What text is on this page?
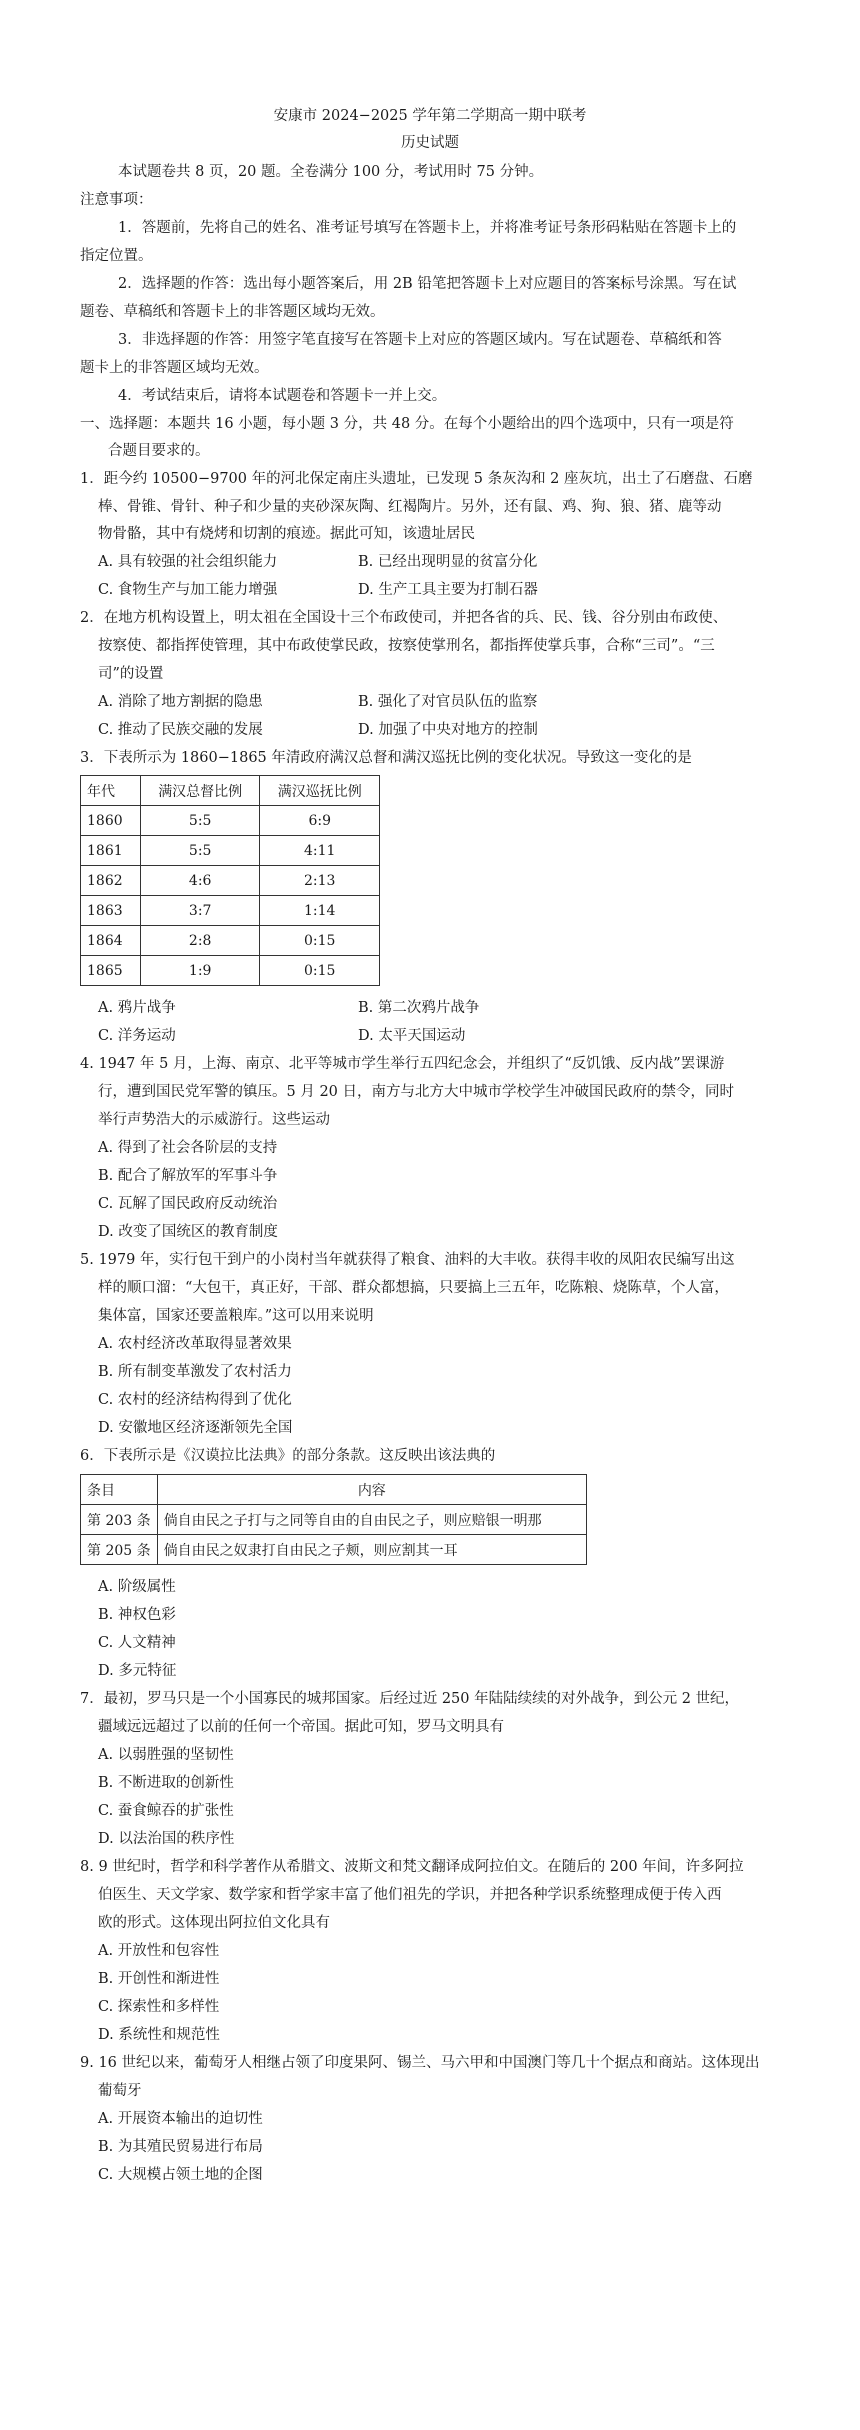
安康市 2024−2025 学年第二学期高一期中联考
历史试题
本试题卷共 8 页，20 题。全卷满分 100 分，考试用时 75 分钟。
注意事项：
1．答题前，先将自己的姓名、准考证号填写在答题卡上，并将准考证号条形码粘贴在答题卡上的
指定位置。
2．选择题的作答：选出每小题答案后，用 2B 铅笔把答题卡上对应题目的答案标号涂黑。写在试
题卷、草稿纸和答题卡上的非答题区域均无效。
3．非选择题的作答：用签字笔直接写在答题卡上对应的答题区域内。写在试题卷、草稿纸和答
题卡上的非答题区域均无效。
4．考试结束后，请将本试题卷和答题卡一并上交。
一、选择题：本题共 16 小题，每小题 3 分，共 48 分。在每个小题给出的四个选项中，只有一项是符
合题目要求的。
1．距今约 10500−9700 年的河北保定南庄头遗址，已发现 5 条灰沟和 2 座灰坑，出土了石磨盘、石磨
棒、骨锥、骨针、种子和少量的夹砂深灰陶、红褐陶片。另外，还有鼠、鸡、狗、狼、猪、鹿等动
物骨骼，其中有烧烤和切割的痕迹。据此可知，该遗址居民
A. 具有较强的社会组织能力	B. 已经出现明显的贫富分化
C. 食物生产与加工能力增强	D. 生产工具主要为打制石器
2．在地方机构设置上，明太祖在全国设十三个布政使司，并把各省的兵、民、钱、谷分别由布政使、
按察使、都指挥使管理，其中布政使掌民政，按察使掌刑名，都指挥使掌兵事，合称“三司”。“三
司”的设置
A. 消除了地方割据的隐患	B. 强化了对官员队伍的监察
C. 推动了民族交融的发展	D. 加强了中央对地方的控制
3．下表所示为 1860−1865 年清政府满汉总督和满汉巡抚比例的变化状况。导致这一变化的是
年代	满汉总督比例	满汉巡抚比例
1860	5:5	6:9
1861	5:5	4:11
1862	4:6	2:13
1863	3:7	1:14
1864	2:8	0:15
1865	1:9	0:15
A. 鸦片战争	B. 第二次鸦片战争
C. 洋务运动	D. 太平天国运动
4. 1947 年 5 月，上海、南京、北平等城市学生举行五四纪念会，并组织了“反饥饿、反内战”罢课游
行，遭到国民党军警的镇压。5 月 20 日，南方与北方大中城市学校学生冲破国民政府的禁令，同时
举行声势浩大的示威游行。这些运动
A. 得到了社会各阶层的支持
B. 配合了解放军的军事斗争
C. 瓦解了国民政府反动统治
D. 改变了国统区的教育制度
5. 1979 年，实行包干到户的小岗村当年就获得了粮食、油料的大丰收。获得丰收的凤阳农民编写出这
样的顺口溜：“大包干，真正好，干部、群众都想搞，只要搞上三五年，吃陈粮、烧陈草，个人富，
集体富，国家还要盖粮库。”这可以用来说明
A. 农村经济改革取得显著效果
B. 所有制变革激发了农村活力
C. 农村的经济结构得到了优化
D. 安徽地区经济逐渐领先全国
6．下表所示是《汉谟拉比法典》的部分条款。这反映出该法典的
条目	内容
第 203 条	倘自由民之子打与之同等自由的自由民之子，则应赔银一明那
第 205 条	倘自由民之奴隶打自由民之子颊，则应割其一耳
A. 阶级属性
B. 神权色彩
C. 人文精神
D. 多元特征
7．最初，罗马只是一个小国寡民的城邦国家。后经过近 250 年陆陆续续的对外战争，到公元 2 世纪，
疆域远远超过了以前的任何一个帝国。据此可知，罗马文明具有
A. 以弱胜强的坚韧性
B. 不断进取的创新性
C. 蚕食鲸吞的扩张性
D. 以法治国的秩序性
8. 9 世纪时，哲学和科学著作从希腊文、波斯文和梵文翻译成阿拉伯文。在随后的 200 年间，许多阿拉
伯医生、天文学家、数学家和哲学家丰富了他们祖先的学识，并把各种学识系统整理成便于传入西
欧的形式。这体现出阿拉伯文化具有
A. 开放性和包容性
B. 开创性和渐进性
C. 探索性和多样性
D. 系统性和规范性
9. 16 世纪以来，葡萄牙人相继占领了印度果阿、锡兰、马六甲和中国澳门等几十个据点和商站。这体现出
葡萄牙
A. 开展资本输出的迫切性
B. 为其殖民贸易进行布局
C. 大规模占领土地的企图
